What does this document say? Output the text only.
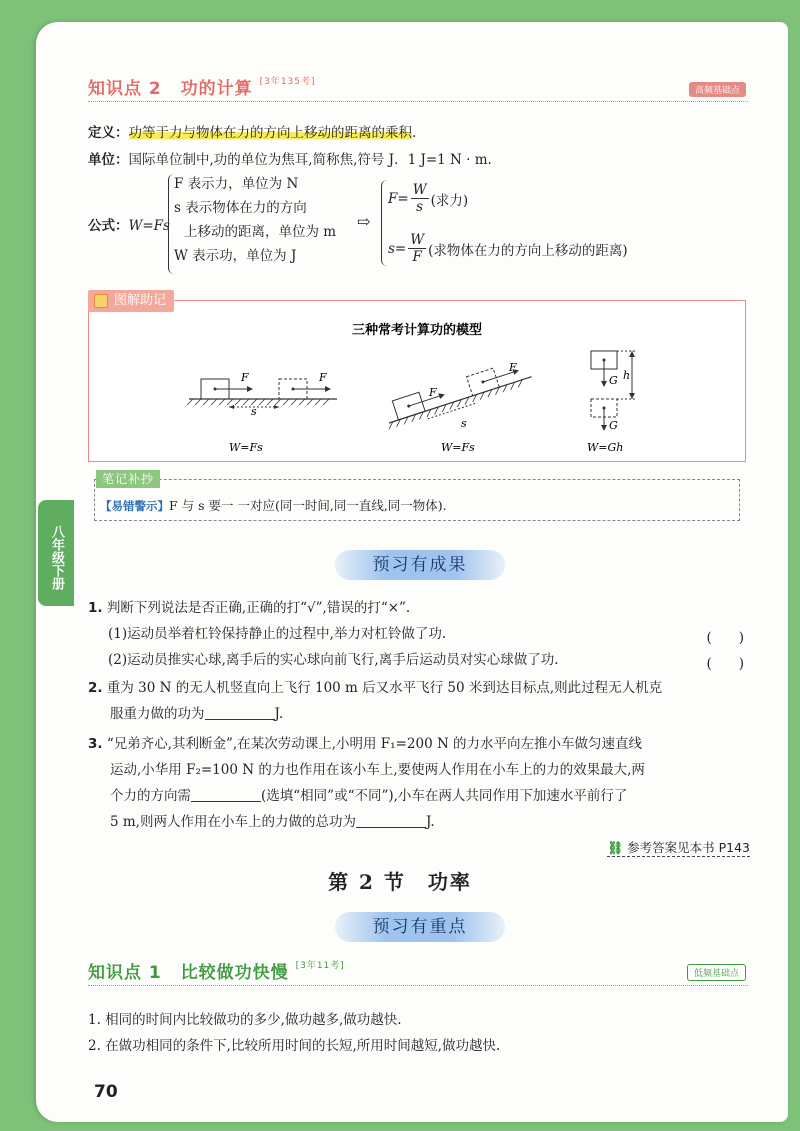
八年级下册
知识点 2 功的计算 [3年135考]
高频基础点
定义：功等于力与物体在力的方向上移动的距离的乘积.
单位：国际单位制中,功的单位为焦耳,简称焦,符号 J．1 J=1 N · m.
公式：W=Fs
F 表示力，单位为 N
s 表示物体在力的方向
上移动的距离，单位为 m
W 表示功，单位为 J
⇨
$F= \frac{W}{s}$ (求力)
$s= \frac{W}{F}$ (求物体在力的方向上移动的距离)
三种常考计算功的模型
F	F
s
W=Fs
F
F
s
W=Fs
G
G
h
W=Gh
图解助记
笔记补抄
【易错警示】F 与 s 要一 一对应(同一时间,同一直线,同一物体).
预习有成果
1. 判断下列说法是否正确,正确的打“√”,错误的打“×”.
(1)运动员举着杠铃保持静止的过程中,举力对杠铃做了功.	(　　)
(2)运动员推实心球,离手后的实心球向前飞行,离手后运动员对实心球做了功.	(　　)
2. 重为 30 N 的无人机竖直向上飞行 100 m 后又水平飞行 50 米到达目标点,则此过程无人机克
服重力做的功为	J.
3. “兄弟齐心,其利断金”,在某次劳动课上,小明用 F₁=200 N 的力水平向左推小车做匀速直线
运动,小华用 F₂=100 N 的力也作用在该小车上,要使两人作用在小车上的力的效果最大,两
个力的方向需	(选填“相同”或“不同”),小车在两人共同作用下加速水平前行了
5 m,则两人作用在小车上的力做的总功为	J.
⛓ 参考答案见本书 P143
第 2 节　功率
预习有重点
知识点 1 比较做功快慢 [3年11考]
低频基础点
1. 相同的时间内比较做功的多少,做功越多,做功越快.
2. 在做功相同的条件下,比较所用时间的长短,所用时间越短,做功越快.
70
